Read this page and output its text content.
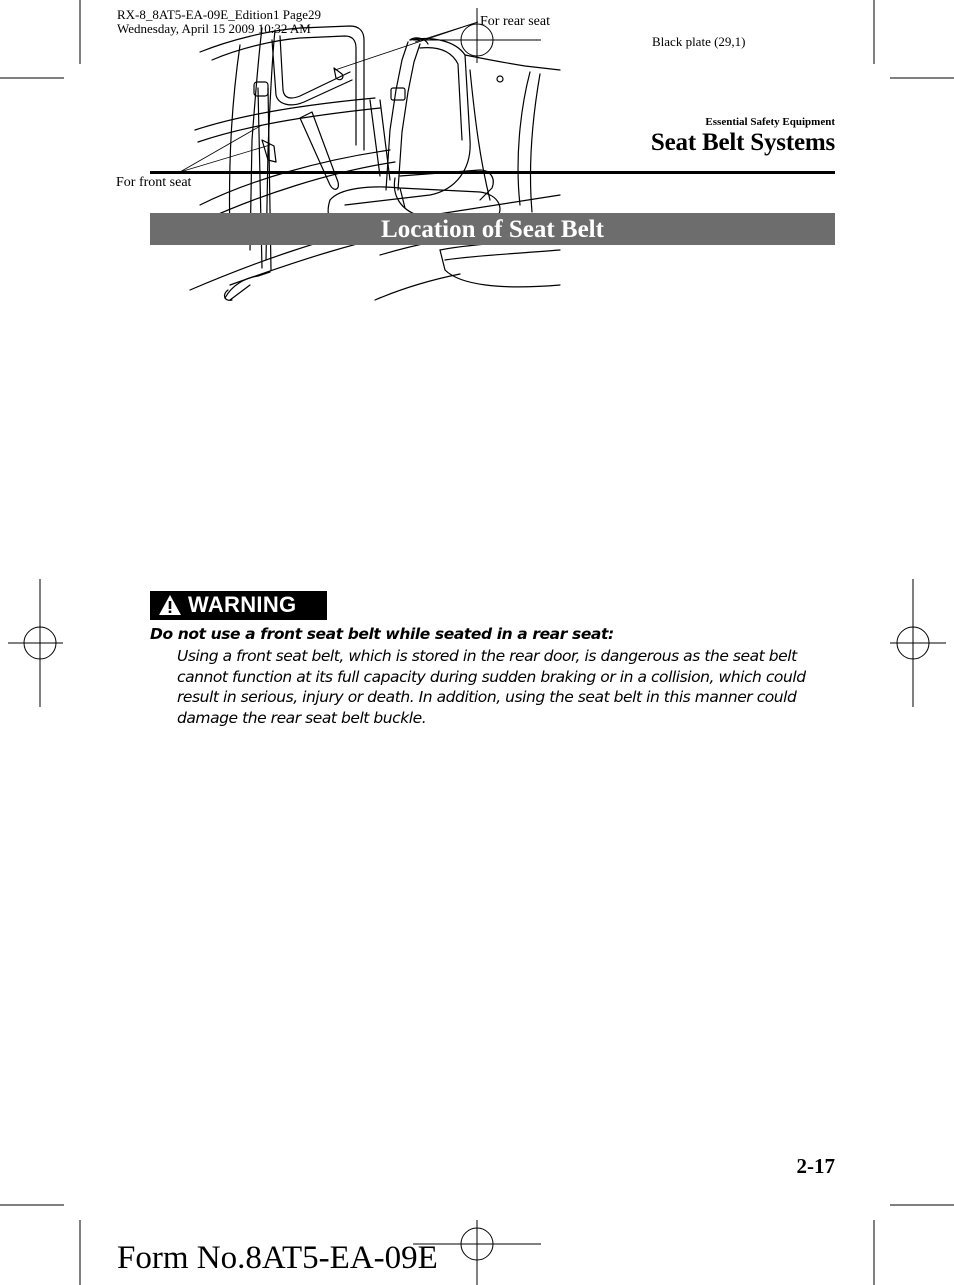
RX-8_8AT5-EA-09E_Edition1 Page29
Wednesday, April 15 2009 10:32 AM
Black plate (29,1)
Essential Safety Equipment
Seat Belt Systems
Location of Seat Belt
For rear seat
For front seat
WARNING
Do not use a front seat belt while seated in a rear seat:
Using a front seat belt, which is stored in the rear door, is dangerous as the seat belt cannot function at its full capacity during sudden braking or in a collision, which could result in serious, injury or death. In addition, using the seat belt in this manner could damage the rear seat belt buckle.
2-17
Form No.8AT5-EA-09E
